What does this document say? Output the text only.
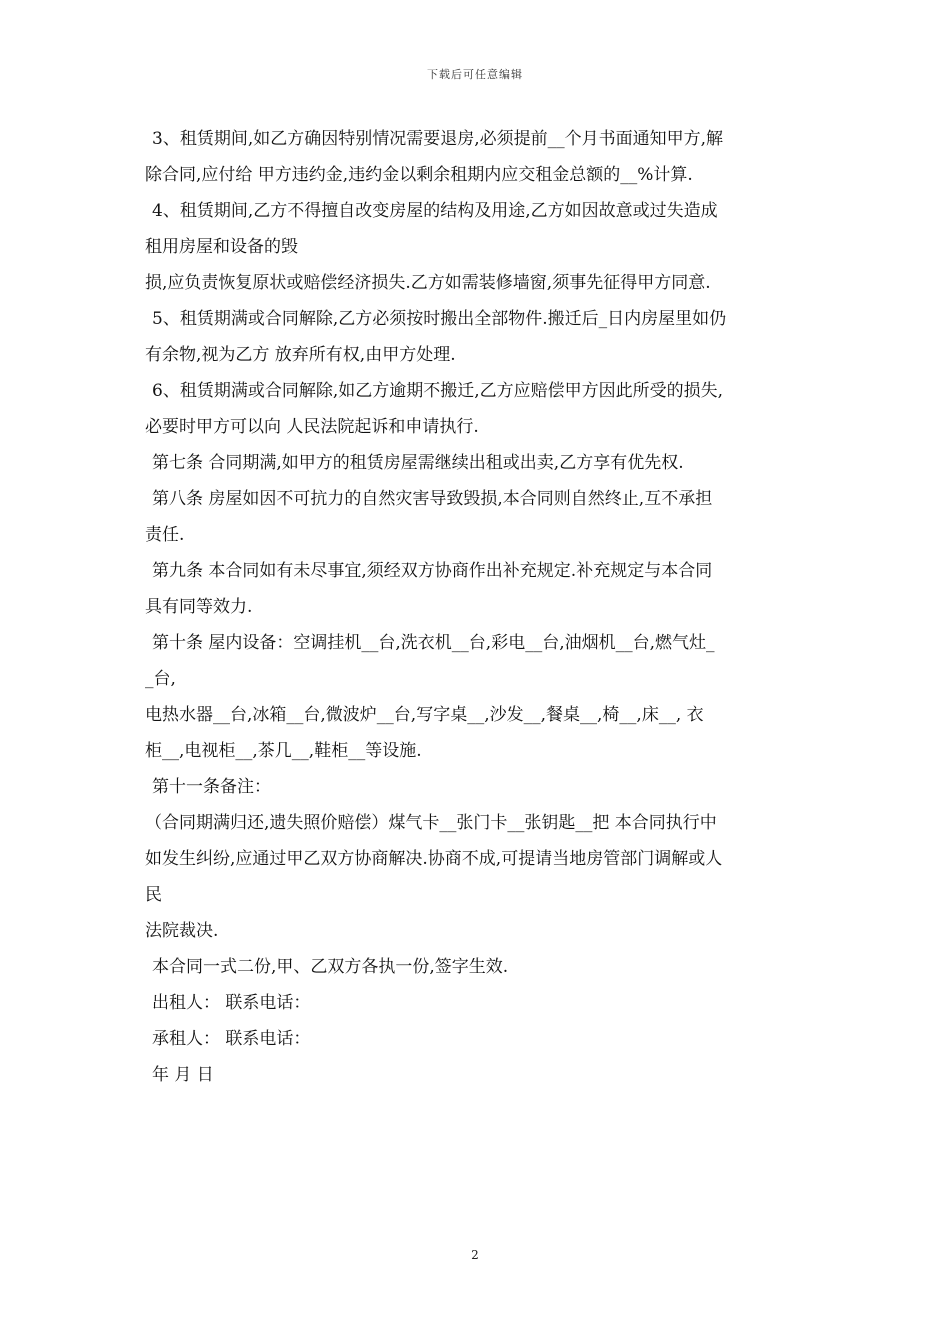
下载后可任意编辑
3、租赁期间,如乙方确因特别情况需要退房,必须提前__个月书面通知甲方,解
除合同,应付给 甲方违约金,违约金以剩余租期内应交租金总额的__%计算.
4、租赁期间,乙方不得擅自改变房屋的结构及用途,乙方如因故意或过失造成
租用房屋和设备的毁
损,应负责恢复原状或赔偿经济损失.乙方如需装修墙窗,须事先征得甲方同意.
5、租赁期满或合同解除,乙方必须按时搬出全部物件.搬迁后_日内房屋里如仍
有余物,视为乙方 放弃所有权,由甲方处理.
6、租赁期满或合同解除,如乙方逾期不搬迁,乙方应赔偿甲方因此所受的损失,
必要时甲方可以向 人民法院起诉和申请执行.
第七条 合同期满,如甲方的租赁房屋需继续出租或出卖,乙方享有优先权.
第八条 房屋如因不可抗力的自然灾害导致毁损,本合同则自然终止,互不承担
责任.
第九条 本合同如有未尽事宜,须经双方协商作出补充规定.补充规定与本合同
具有同等效力.
第十条 屋内设备：空调挂机__台,洗衣机__台,彩电__台,油烟机__台,燃气灶_
_台,
电热水器__台,冰箱__台,微波炉__台,写字桌__,沙发__,餐桌__,椅__,床__, 衣
柜__,电视柜__,茶几__,鞋柜__等设施.
第十一条备注：
（合同期满归还,遗失照价赔偿）煤气卡__张门卡__张钥匙__把 本合同执行中
如发生纠纷,应通过甲乙双方协商解决.协商不成,可提请当地房管部门调解或人
民
法院裁决.
本合同一式二份,甲、乙双方各执一份,签字生效.
出租人： 联系电话：
承租人： 联系电话：
年 月 日
2
